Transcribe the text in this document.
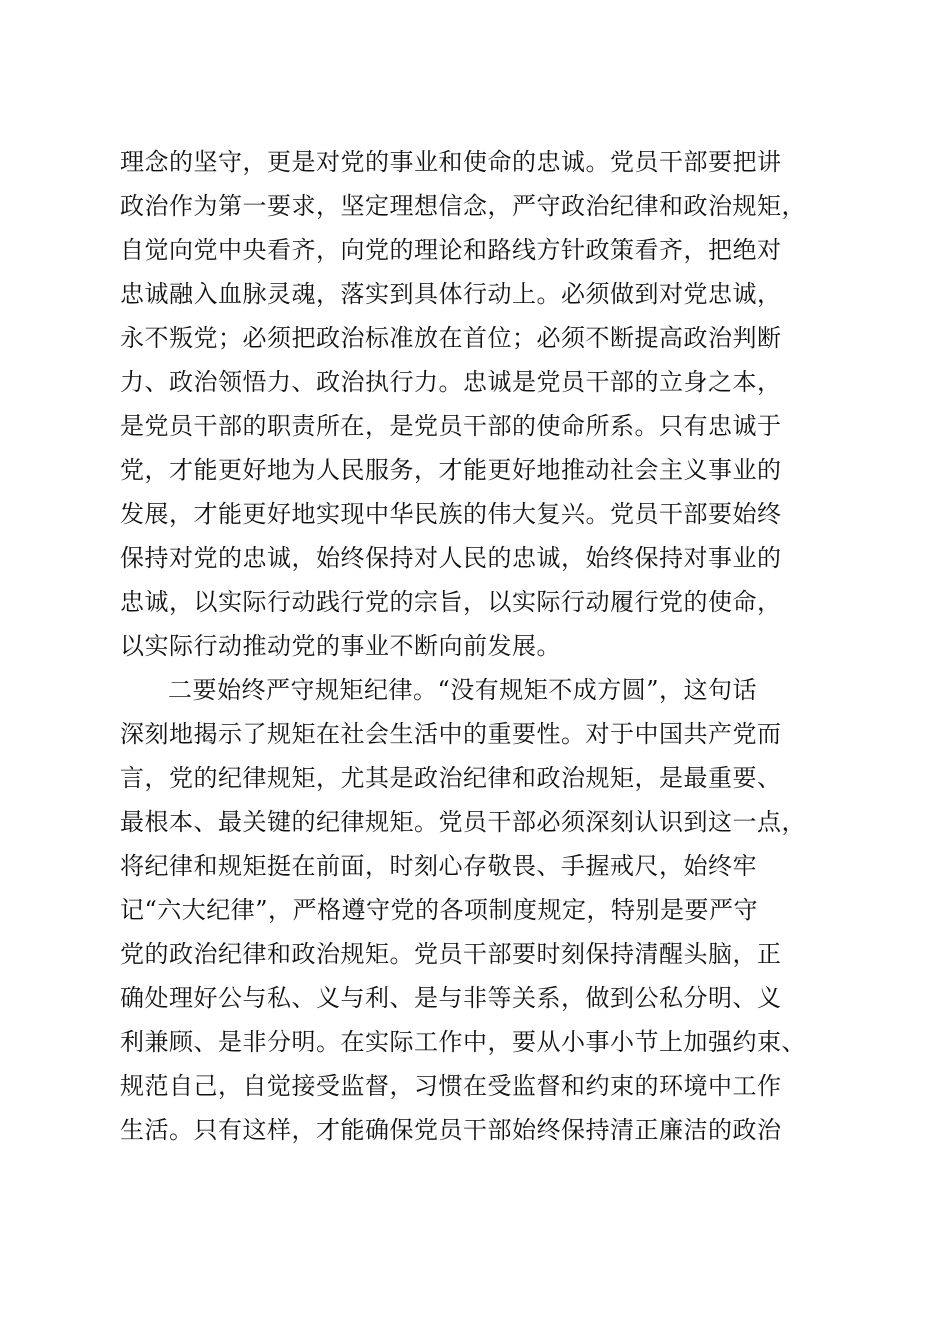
理念的坚守，更是对党的事业和使命的忠诚。党员干部要把讲
政治作为第一要求，坚定理想信念，严守政治纪律和政治规矩，
自觉向党中央看齐，向党的理论和路线方针政策看齐，把绝对
忠诚融入血脉灵魂，落实到具体行动上。必须做到对党忠诚，
永不叛党；必须把政治标准放在首位；必须不断提高政治判断
力、政治领悟力、政治执行力。忠诚是党员干部的立身之本，
是党员干部的职责所在，是党员干部的使命所系。只有忠诚于
党，才能更好地为人民服务，才能更好地推动社会主义事业的
发展，才能更好地实现中华民族的伟大复兴。党员干部要始终
保持对党的忠诚，始终保持对人民的忠诚，始终保持对事业的
忠诚，以实际行动践行党的宗旨，以实际行动履行党的使命，
以实际行动推动党的事业不断向前发展。
二要始终严守规矩纪律。“没有规矩不成方圆”，这句话
深刻地揭示了规矩在社会生活中的重要性。对于中国共产党而
言，党的纪律规矩，尤其是政治纪律和政治规矩，是最重要、
最根本、最关键的纪律规矩。党员干部必须深刻认识到这一点，
将纪律和规矩挺在前面，时刻心存敬畏、手握戒尺，始终牢
记“六大纪律”，严格遵守党的各项制度规定，特别是要严守
党的政治纪律和政治规矩。党员干部要时刻保持清醒头脑，正
确处理好公与私、义与利、是与非等关系，做到公私分明、义
利兼顾、是非分明。在实际工作中，要从小事小节上加强约束、
规范自己，自觉接受监督，习惯在受监督和约束的环境中工作
生活。只有这样，才能确保党员干部始终保持清正廉洁的政治
